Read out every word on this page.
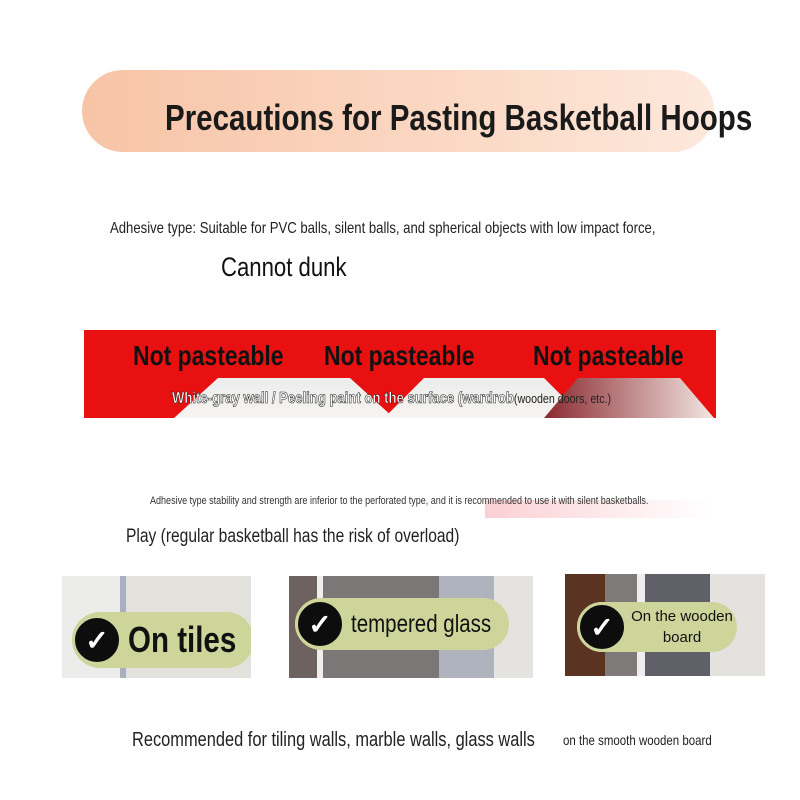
Precautions for Pasting Basketball Hoops
Adhesive type: Suitable for PVC balls, silent balls, and spherical objects with low impact force,
Cannot dunk
Not pasteable	Not pasteable	Not pasteable
White-gray wall / Peeling paint on the surface (wardrob(wooden doors, etc.)
Adhesive type stability and strength are inferior to the perforated type, and it is recommended to use it with silent basketballs.
Play (regular basketball has the risk of overload)
✓ On tiles	✓ tempered glass	✓	On the wooden board
Recommended for tiling walls, marble walls, glass walls	on the smooth wooden board
